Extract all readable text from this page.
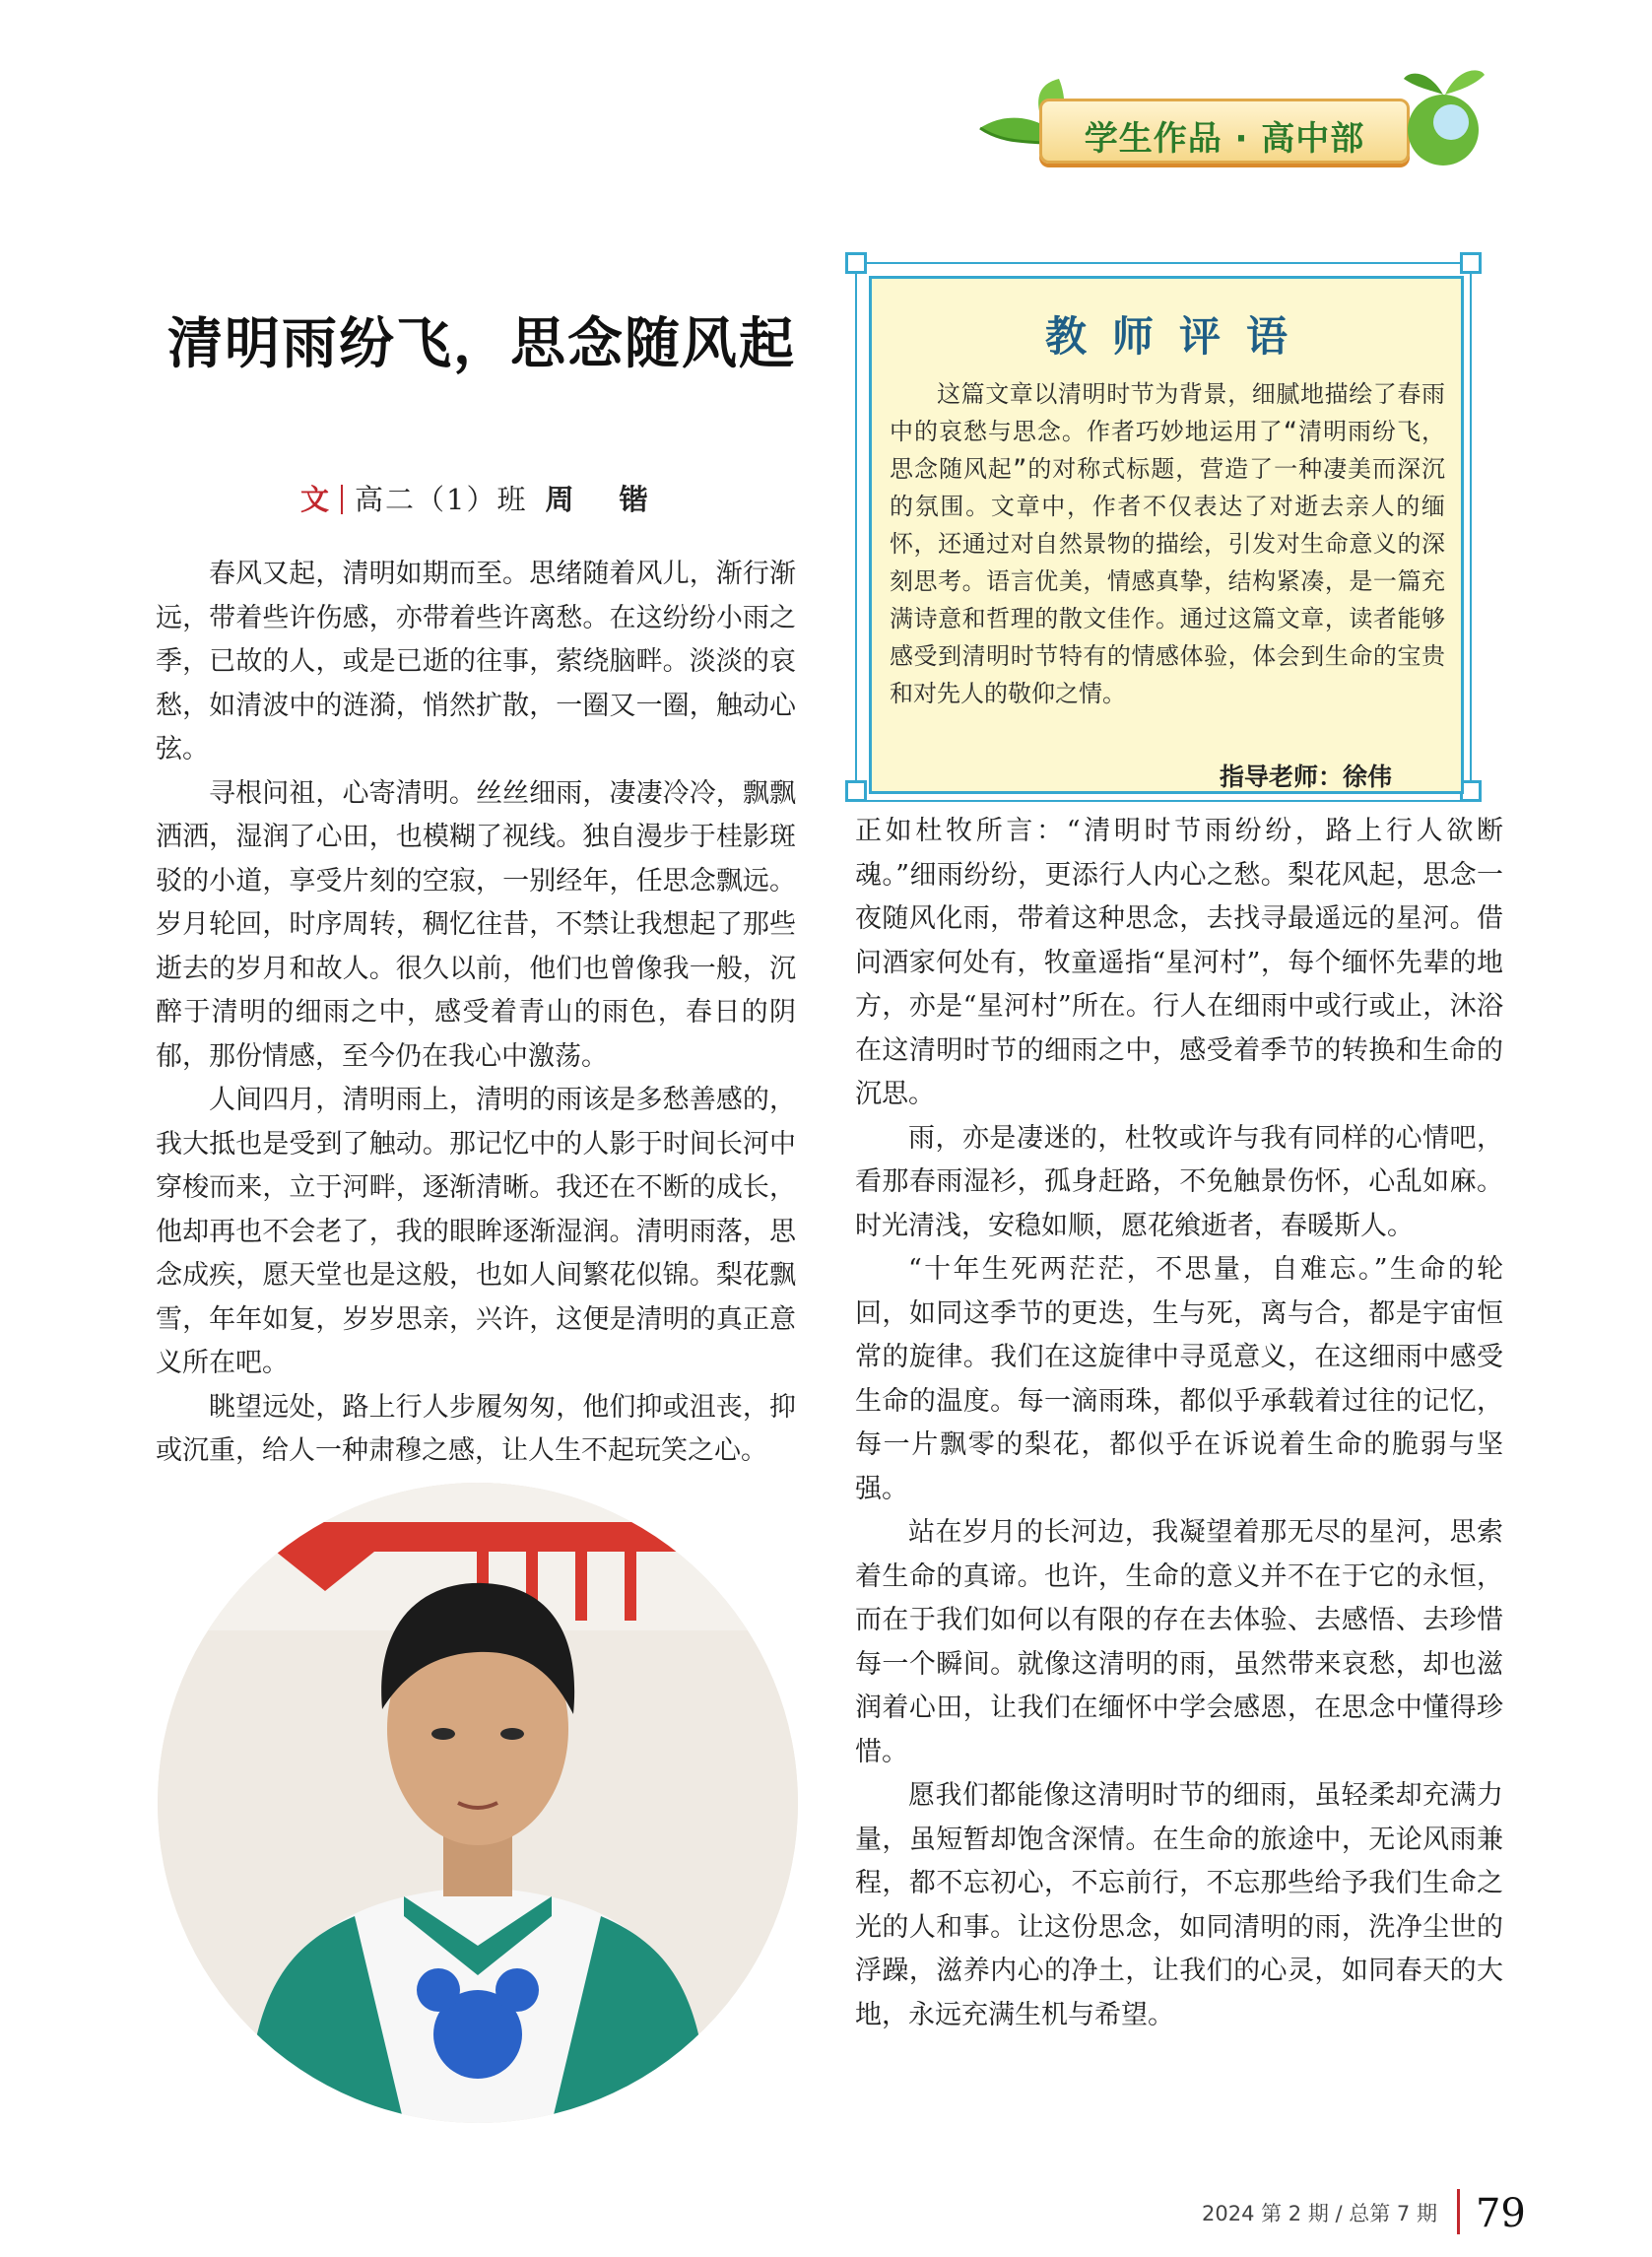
学生作品 · 高中部
清明雨纷飞，思念随风起
文 高二（1）班 周 锴

春风又起，清明如期而至。思绪随着风儿，渐行渐远，带着些许伤感，亦带着些许离愁。在这纷纷小雨之季，已故的人，或是已逝的往事，萦绕脑畔。淡淡的哀愁，如清波中的涟漪，悄然扩散，一圈又一圈，触动心弦。

寻根问祖，心寄清明。丝丝细雨，凄凄冷冷，飘飘洒洒，湿润了心田，也模糊了视线。独自漫步于桂影斑驳的小道，享受片刻的空寂，一别经年，任思念飘远。岁月轮回，时序周转，稠忆往昔，不禁让我想起了那些逝去的岁月和故人。很久以前，他们也曾像我一般，沉醉于清明的细雨之中，感受着青山的雨色，春日的阴郁，那份情感，至今仍在我心中激荡。

人间四月，清明雨上，清明的雨该是多愁善感的，我大抵也是受到了触动。那记忆中的人影于时间长河中穿梭而来，立于河畔，逐渐清晰。我还在不断的成长，他却再也不会老了，我的眼眸逐渐湿润。清明雨落，思念成疾，愿天堂也是这般，也如人间繁花似锦。梨花飘雪，年年如复，岁岁思亲，兴许，这便是清明的真正意义所在吧。

眺望远处，路上行人步履匆匆，他们抑或沮丧，抑或沉重，给人一种肃穆之感，让人生不起玩笑之心。

教师评语
这篇文章以清明时节为背景，细腻地描绘了春雨中的哀愁与思念。作者巧妙地运用了“清明雨纷飞，思念随风起”的对称式标题，营造了一种凄美而深沉的氛围。文章中，作者不仅表达了对逝去亲人的缅怀，还通过对自然景物的描绘，引发对生命意义的深刻思考。语言优美，情感真挚，结构紧凑，是一篇充满诗意和哲理的散文佳作。通过这篇文章，读者能够感受到清明时节特有的情感体验，体会到生命的宝贵和对先人的敬仰之情。
指导老师：徐伟

正如杜牧所言：“清明时节雨纷纷，路上行人欲断魂。”细雨纷纷，更添行人内心之愁。梨花风起，思念一夜随风化雨，带着这种思念，去找寻最遥远的星河。借问酒家何处有，牧童遥指“星河村”，每个缅怀先辈的地方，亦是“星河村”所在。行人在细雨中或行或止，沐浴在这清明时节的细雨之中，感受着季节的转换和生命的沉思。

雨，亦是凄迷的，杜牧或许与我有同样的心情吧，看那春雨湿衫，孤身赶路，不免触景伤怀，心乱如麻。时光清浅，安稳如顺，愿花飨逝者，春暖斯人。

“十年生死两茫茫，不思量，自难忘。”生命的轮回，如同这季节的更迭，生与死，离与合，都是宇宙恒常的旋律。我们在这旋律中寻觅意义，在这细雨中感受生命的温度。每一滴雨珠，都似乎承载着过往的记忆，每一片飘零的梨花，都似乎在诉说着生命的脆弱与坚强。

站在岁月的长河边，我凝望着那无尽的星河，思索着生命的真谛。也许，生命的意义并不在于它的永恒，而在于我们如何以有限的存在去体验、去感悟、去珍惜每一个瞬间。就像这清明的雨，虽然带来哀愁，却也滋润着心田，让我们在缅怀中学会感恩，在思念中懂得珍惜。

愿我们都能像这清明时节的细雨，虽轻柔却充满力量，虽短暂却饱含深情。在生命的旅途中，无论风雨兼程，都不忘初心，不忘前行，不忘那些给予我们生命之光的人和事。让这份思念，如同清明的雨，洗净尘世的浮躁，滋养内心的净土，让我们的心灵，如同春天的大地，永远充满生机与希望。

2024 第 2 期 / 总第 7 期 79
